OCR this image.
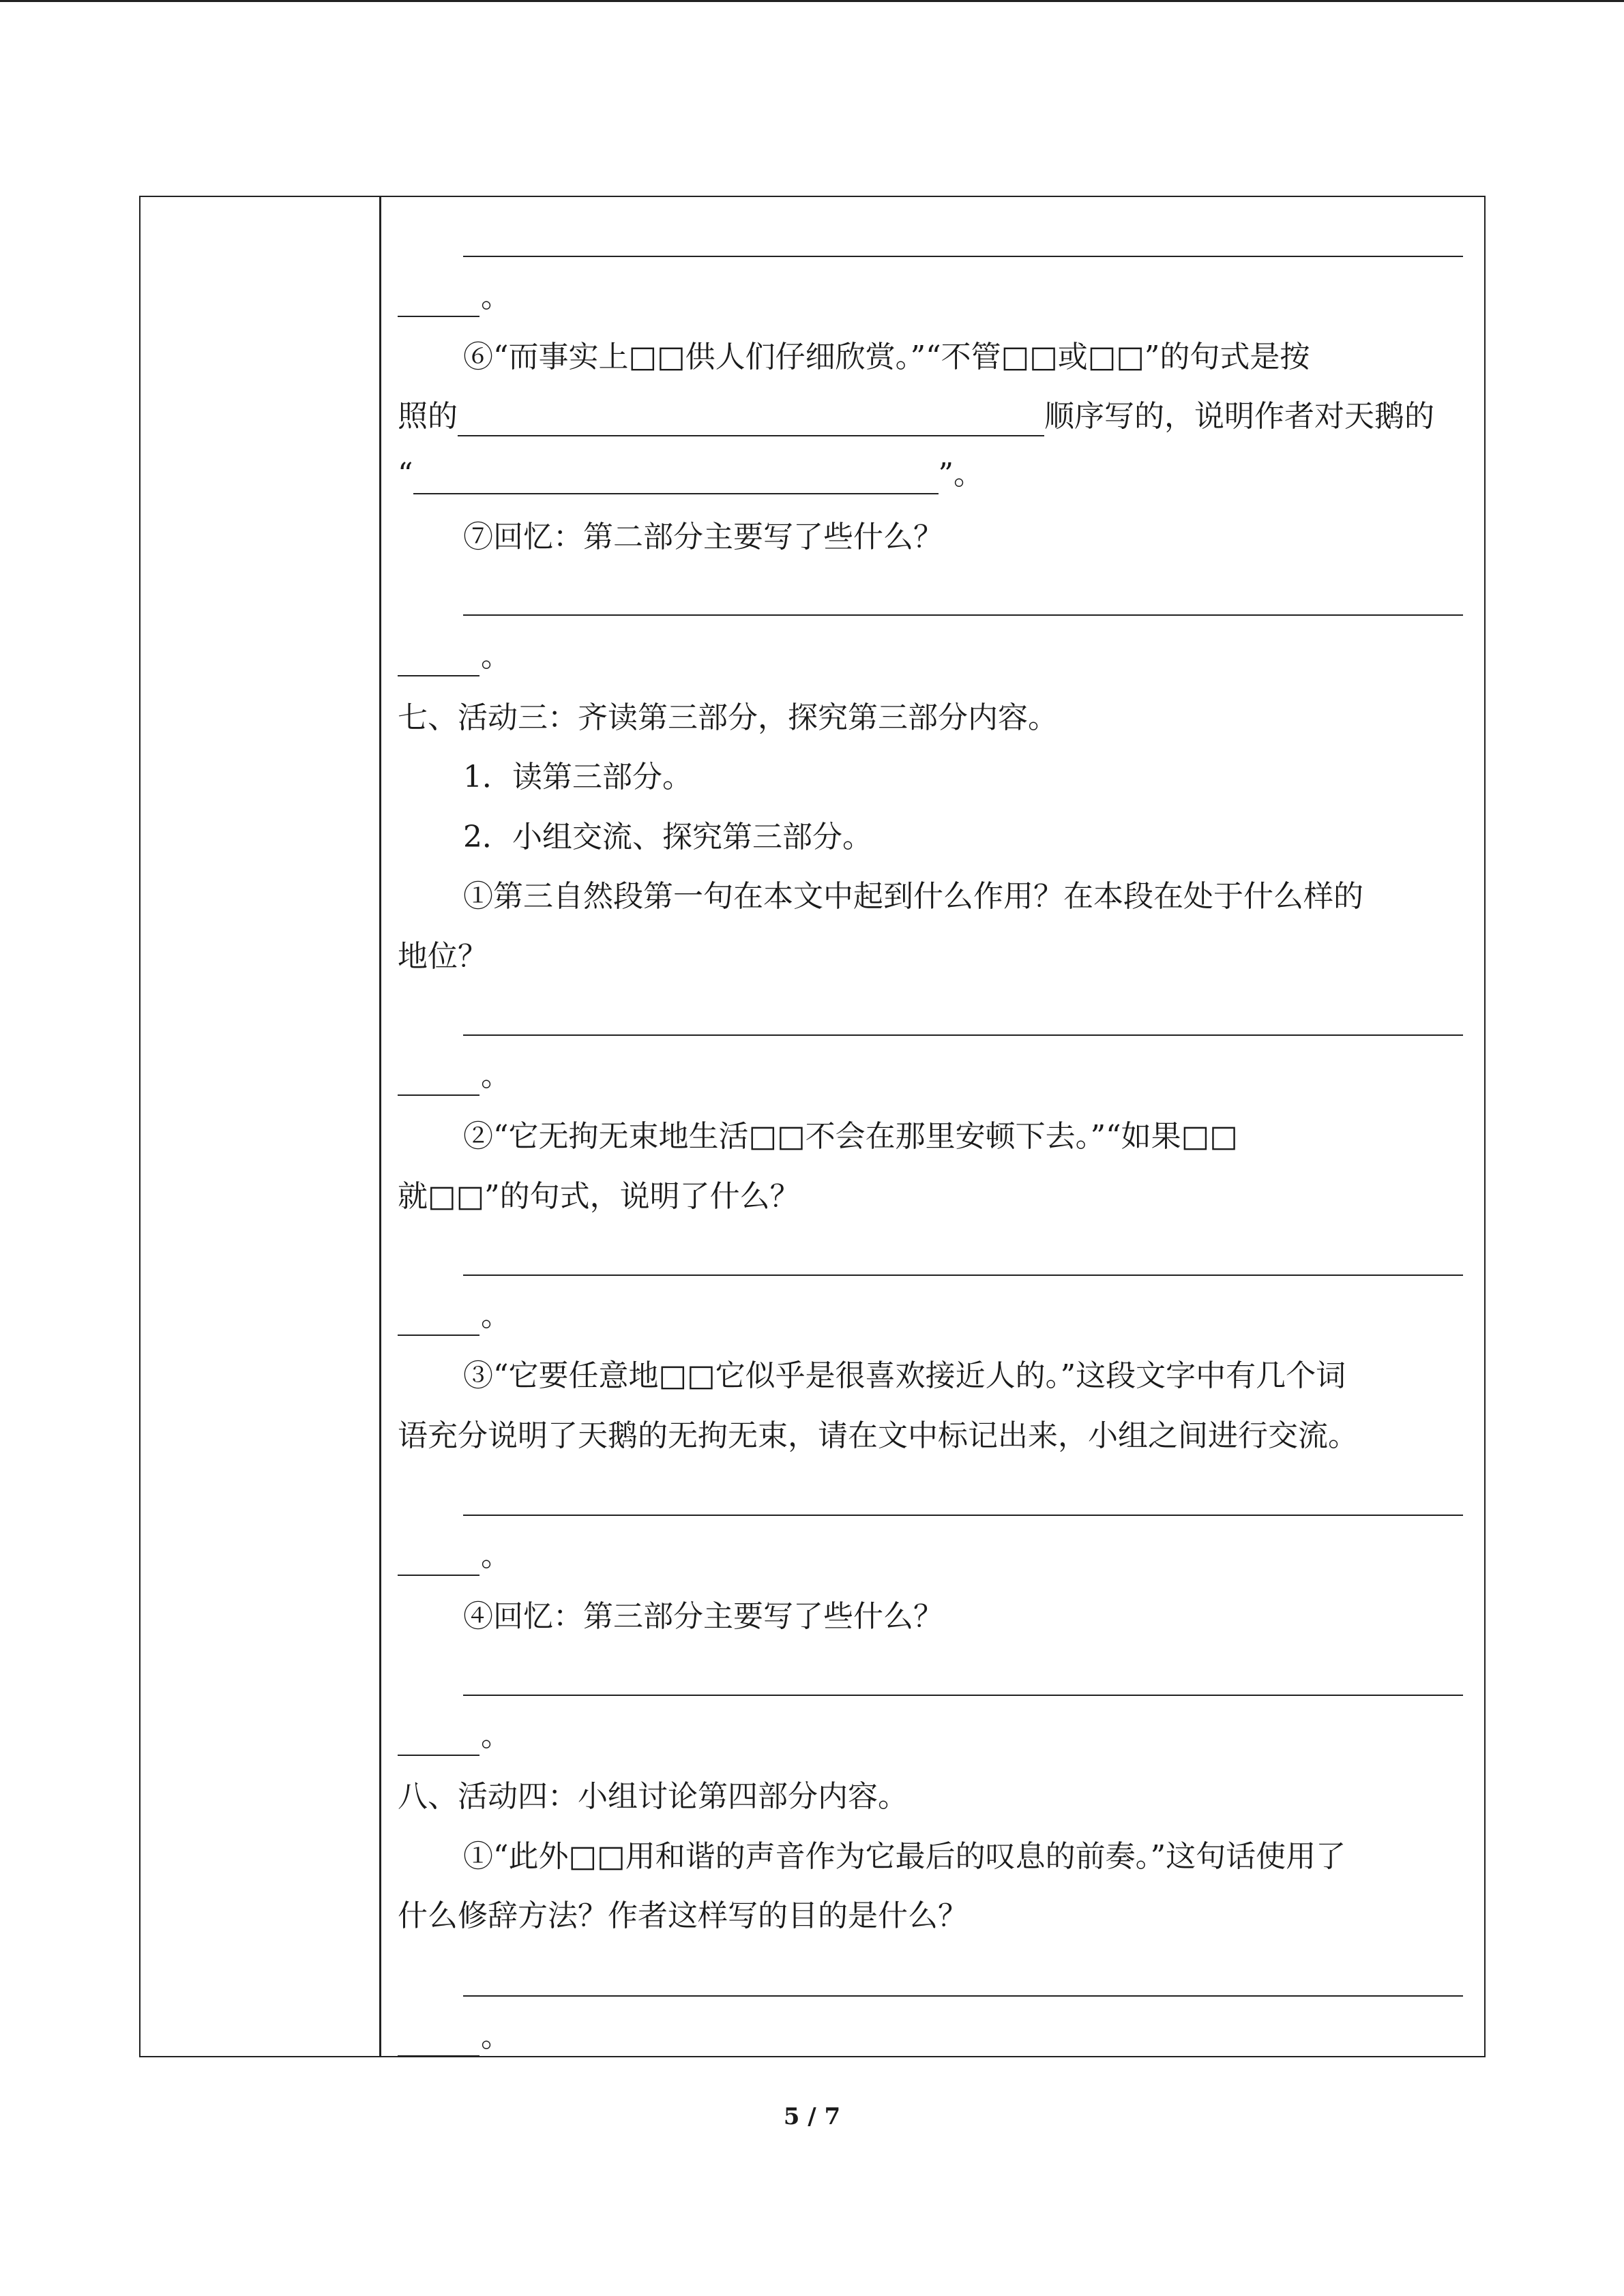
。
⑥“而事实上□□供人们仔细欣赏。”“不管□□或□□”的句式是按
照的	顺序写的，说明作者对天鹅的
“	”。
⑦回忆：第二部分主要写了些什么？
。
七、活动三：齐读第三部分，探究第三部分内容。
1．读第三部分。
2．小组交流、探究第三部分。
①第三自然段第一句在本文中起到什么作用？在本段在处于什么样的
地位？
。
②“它无拘无束地生活□□不会在那里安顿下去。”“如果□□
就□□”的句式，说明了什么？
。
③“它要任意地□□它似乎是很喜欢接近人的。”这段文字中有几个词
语充分说明了天鹅的无拘无束，请在文中标记出来，小组之间进行交流。
。
④回忆：第三部分主要写了些什么？
。
八、活动四：小组讨论第四部分内容。
①“此外□□用和谐的声音作为它最后的叹息的前奏。”这句话使用了
什么修辞方法？作者这样写的目的是什么？
。
5 / 7
